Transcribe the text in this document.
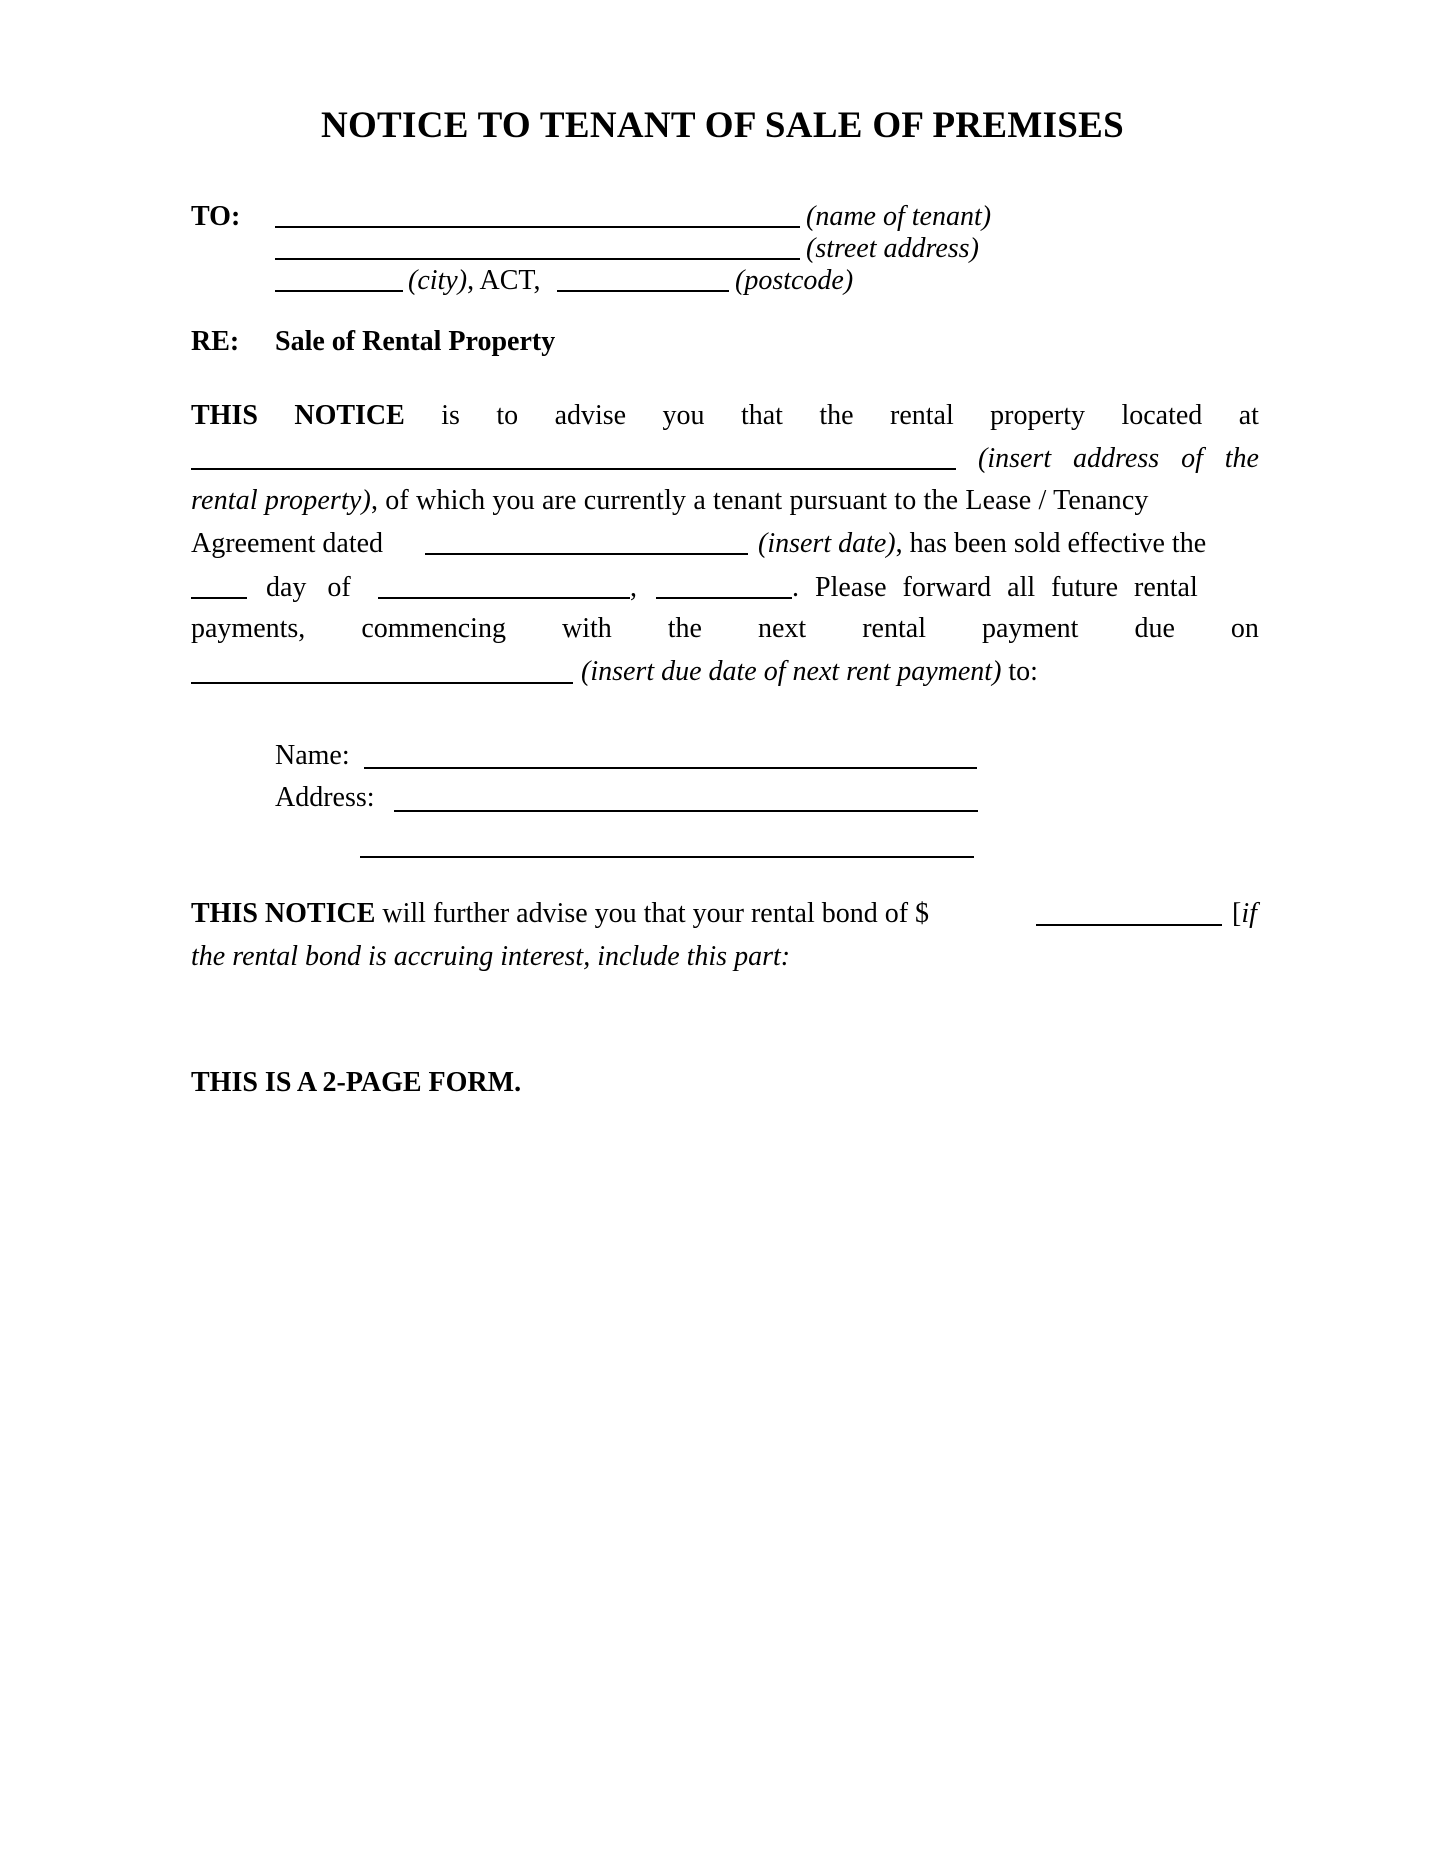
NOTICE TO TENANT OF SALE OF PREMISES
TO:	(name of tenant)
(street address)
(city), ACT,	(postcode)
RE: Sale of Rental Property
THIS NOTICE is to advise you that the rental property located at
(insert address of the
rental property), of which you are currently a tenant pursuant to the Lease / Tenancy
Agreement dated	(insert date), has been sold effective the
day of	,	. Please forward all future rental
payments, commencing with the next rental payment due on
(insert due date of next rent payment) to:
Name:
Address:
THIS NOTICE will further advise you that your rental bond of $	[if
the rental bond is accruing interest, include this part:
THIS IS A 2-PAGE FORM.
